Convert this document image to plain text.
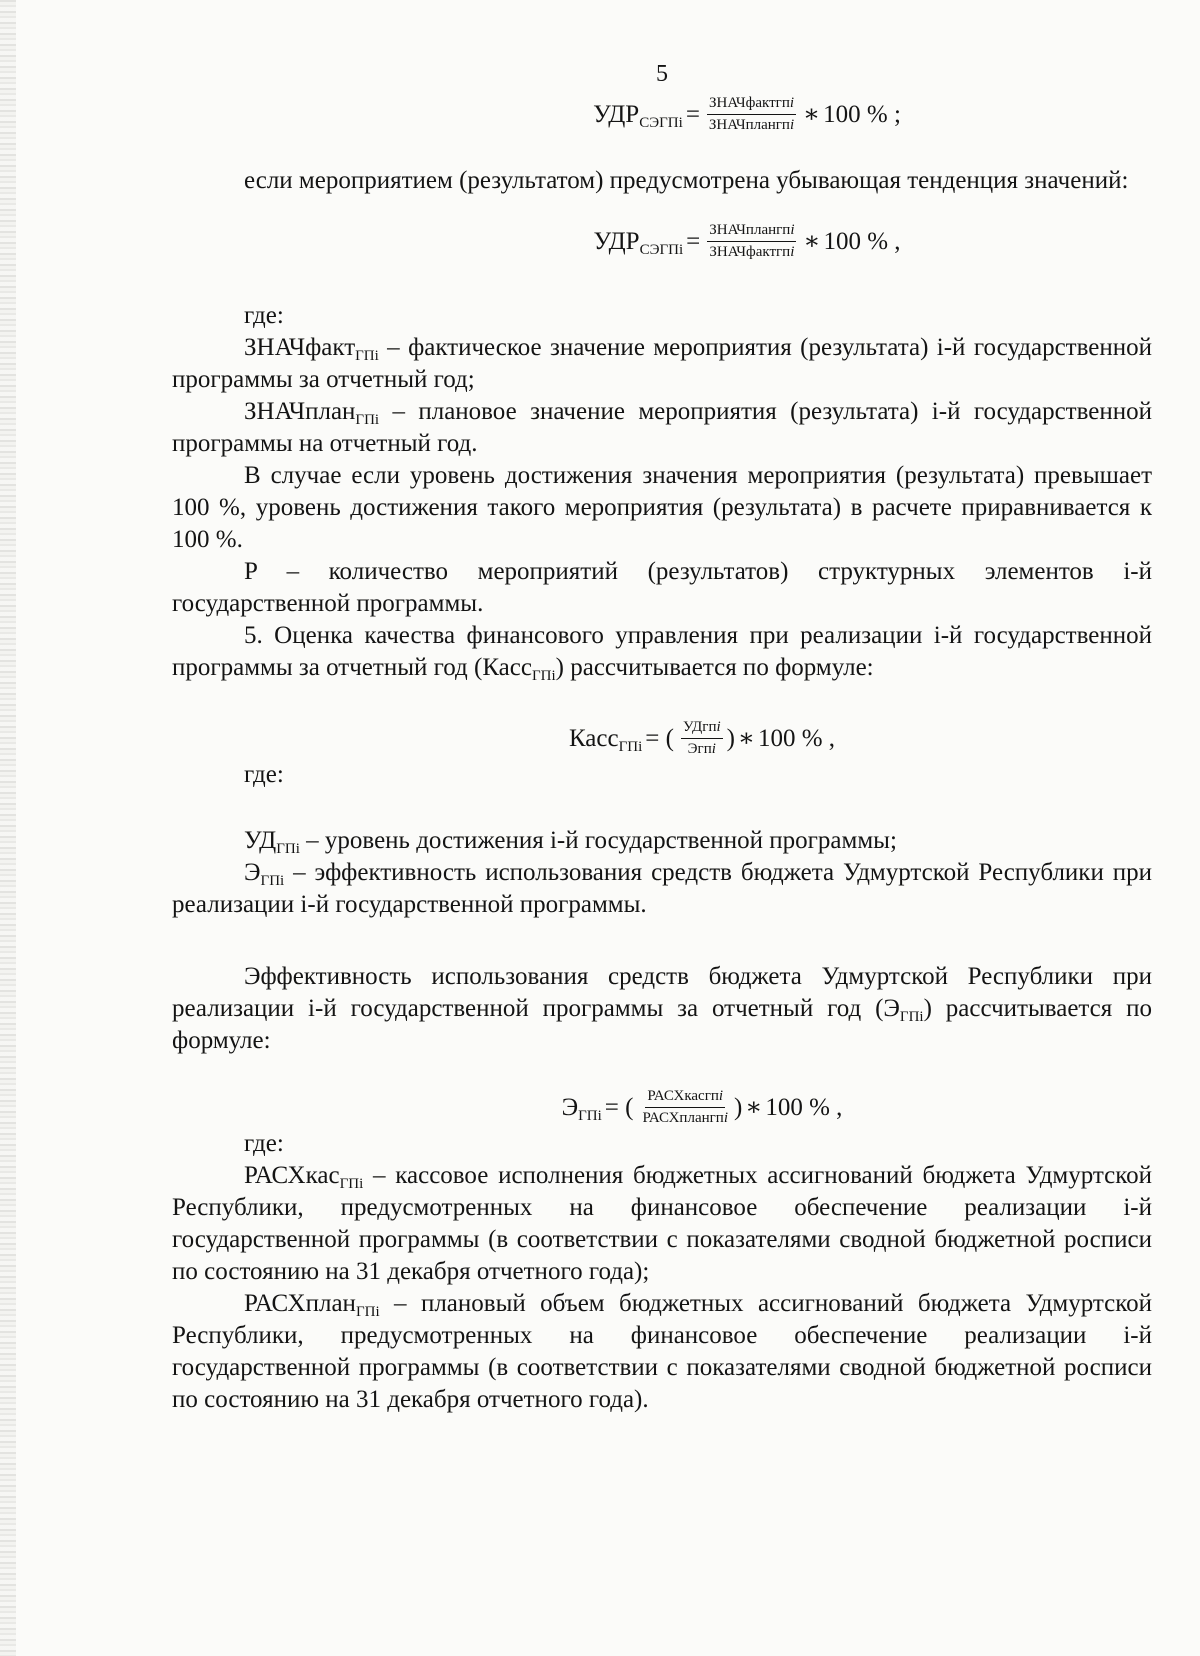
5
$УДР_{СЭГПi} = \frac{\text{ЗНАЧфактгпi}}{\text{ЗНАЧплангпi}}$ ∗ 100 % ;

если мероприятием (результатом) предусмотрена убывающая тенденция значений:

$УДР_{СЭГПi} = \frac{\text{ЗНАЧплангпi}}{\text{ЗНАЧфактгпi}}$ ∗ 100 % ,

где:

ЗНАЧфакт$_{ГПi}$ – фактическое значение мероприятия (результата) i-й государственной программы за отчетный год;

ЗНАЧплан$_{ГПi}$ – плановое значение мероприятия (результата) i-й государственной программы на отчетный год.

В случае если уровень достижения значения мероприятия (результата) превышает 100 %, уровень достижения такого мероприятия (результата) в расчете приравнивается к 100 %.

P – количество мероприятий (результатов) структурных элементов i-й государственной программы.

5. Оценка качества финансового управления при реализации i-й государственной программы за отчетный год (Касс$_{ГПi}$) рассчитывается по формуле:

Касс$_{ГПi}$ = ( $\frac{\text{УДгпi}}{\text{Эгпi}}$ ) ∗ 100 % ,

где:

$УД_{ГПi}$ – уровень достижения i-й государственной программы;

$Э_{ГПi}$ – эффективность использования средств бюджета Удмуртской Республики при реализации i-й государственной программы.

Эффективность использования средств бюджета Удмуртской Республики при реализации i-й государственной программы за отчетный год $(Э_{ГПi})$ рассчитывается по формуле:

$Э_{ГПi}$ = ( $\frac{\text{РАСХкасгпi}}{\text{РАСХплангпi}}$ ) ∗ 100 % ,

где:

РАСХкас$_{ГПi}$ – кассовое исполнения бюджетных ассигнований бюджета Удмуртской Республики, предусмотренных на финансовое обеспечение реализации i-й государственной программы (в соответствии с показателями сводной бюджетной росписи по состоянию на 31 декабря отчетного года);

РАСХплан$_{ГПi}$ – плановый объем бюджетных ассигнований бюджета Удмуртской Республики, предусмотренных на финансовое обеспечение реализации i-й государственной программы (в соответствии с показателями сводной бюджетной росписи по состоянию на 31 декабря отчетного года).
